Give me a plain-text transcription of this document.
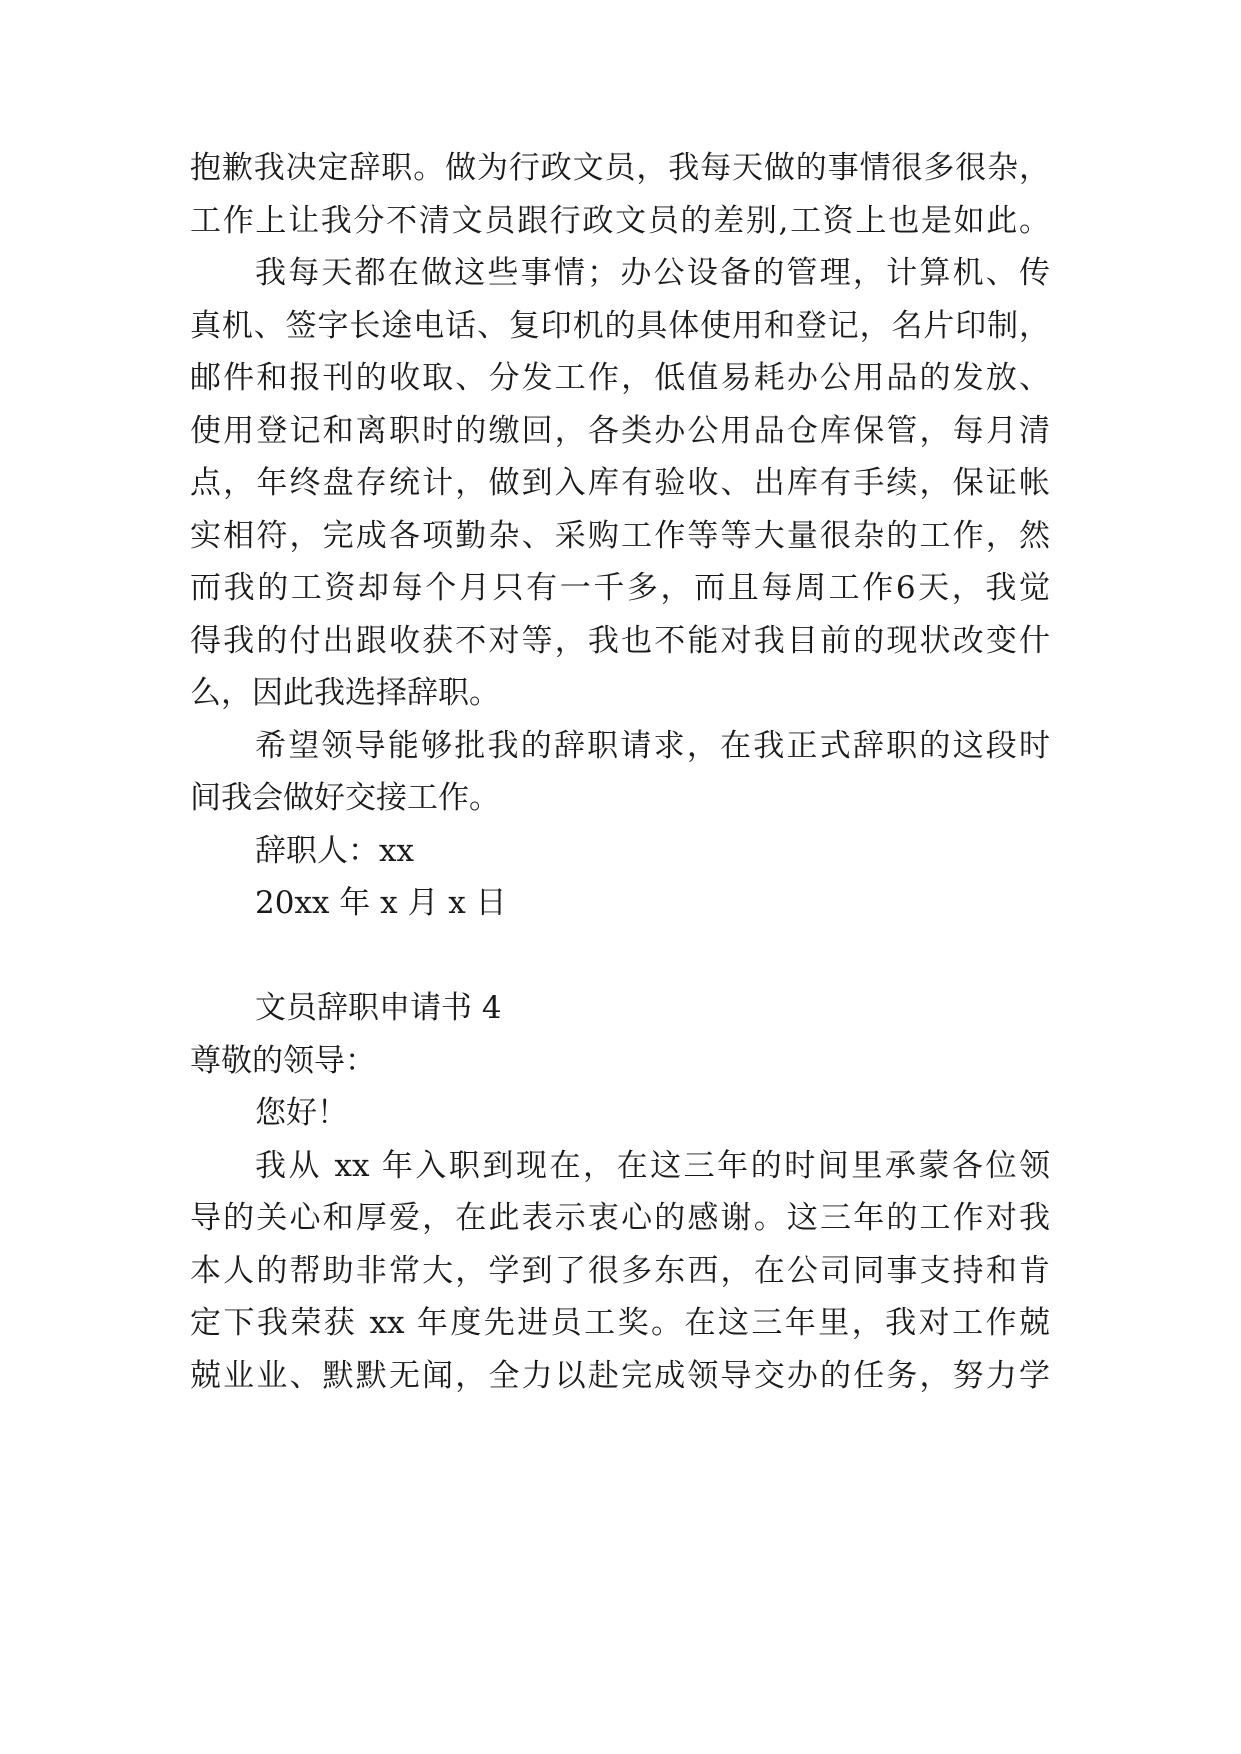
抱歉我决定辞职。做为行政文员，我每天做的事情很多很杂，
工作上让我分不清文员跟行政文员的差别,工资上也是如此。
我每天都在做这些事情；办公设备的管理，计算机、传
真机、签字长途电话、复印机的具体使用和登记，名片印制，
邮件和报刊的收取、分发工作，低值易耗办公用品的发放、
使用登记和离职时的缴回，各类办公用品仓库保管，每月清
点，年终盘存统计，做到入库有验收、出库有手续，保证帐
实相符，完成各项勤杂、采购工作等等大量很杂的工作，然
而我的工资却每个月只有一千多，而且每周工作6天，我觉
得我的付出跟收获不对等，我也不能对我目前的现状改变什
么，因此我选择辞职。
希望领导能够批我的辞职请求，在我正式辞职的这段时
间我会做好交接工作。
辞职人：xx
20xx 年 x 月 x 日
文员辞职申请书 4
尊敬的领导：
您好！
我从 xx 年入职到现在，在这三年的时间里承蒙各位领
导的关心和厚爱，在此表示衷心的感谢。这三年的工作对我
本人的帮助非常大，学到了很多东西，在公司同事支持和肯
定下我荣获 xx 年度先进员工奖。在这三年里，我对工作兢
兢业业、默默无闻，全力以赴完成领导交办的任务，努力学
